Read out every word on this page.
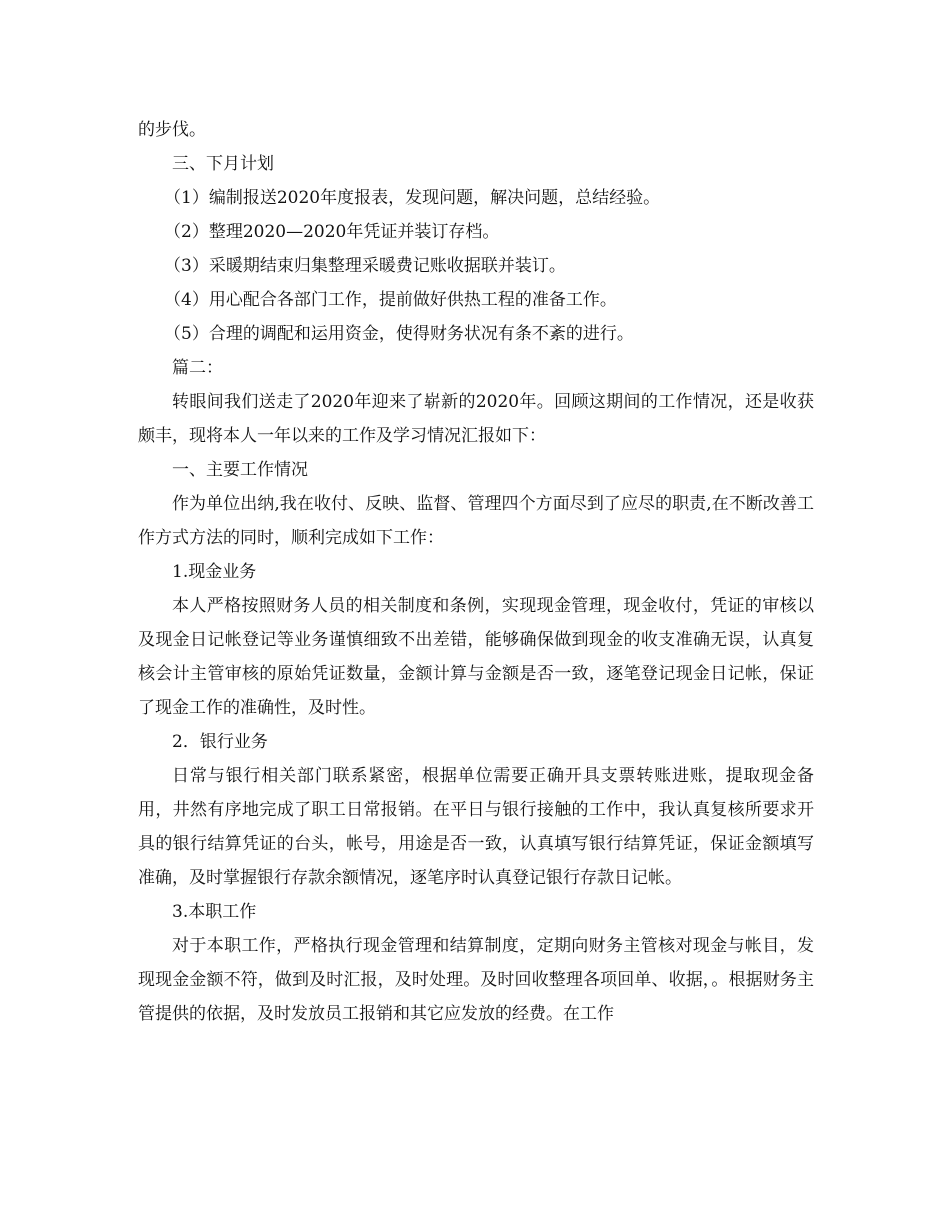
的步伐。

三、下月计划

（1）编制报送2020年度报表，发现问题，解决问题，总结经验。

（2）整理2020—2020年凭证并装订存档。

（3）采暖期结束归集整理采暖费记账收据联并装订。

（4）用心配合各部门工作，提前做好供热工程的准备工作。

（5）合理的调配和运用资金，使得财务状况有条不紊的进行。

篇二：

转眼间我们送走了2020年迎来了崭新的2020年。回顾这期间的工作情况，还是收获颇丰，现将本人一年以来的工作及学习情况汇报如下：

一、主要工作情况

作为单位出纳,我在收付、反映、监督、管理四个方面尽到了应尽的职责,在不断改善工作方式方法的同时，顺利完成如下工作：

1.现金业务

本人严格按照财务人员的相关制度和条例，实现现金管理，现金收付，凭证的审核以及现金日记帐登记等业务谨慎细致不出差错，能够确保做到现金的收支准确无误，认真复核会计主管审核的原始凭证数量，金额计算与金额是否一致，逐笔登记现金日记帐，保证了现金工作的准确性，及时性。

2．银行业务

日常与银行相关部门联系紧密，根据单位需要正确开具支票转账进账，提取现金备用，井然有序地完成了职工日常报销。在平日与银行接触的工作中，我认真复核所要求开具的银行结算凭证的台头，帐号，用途是否一致，认真填写银行结算凭证，保证金额填写准确，及时掌握银行存款余额情况，逐笔序时认真登记银行存款日记帐。

3.本职工作

对于本职工作，严格执行现金管理和结算制度，定期向财务主管核对现金与帐目，发现现金金额不符，做到及时汇报，及时处理。及时回收整理各项回单、收据，。根据财务主管提供的依据，及时发放员工报销和其它应发放的经费。在工作
